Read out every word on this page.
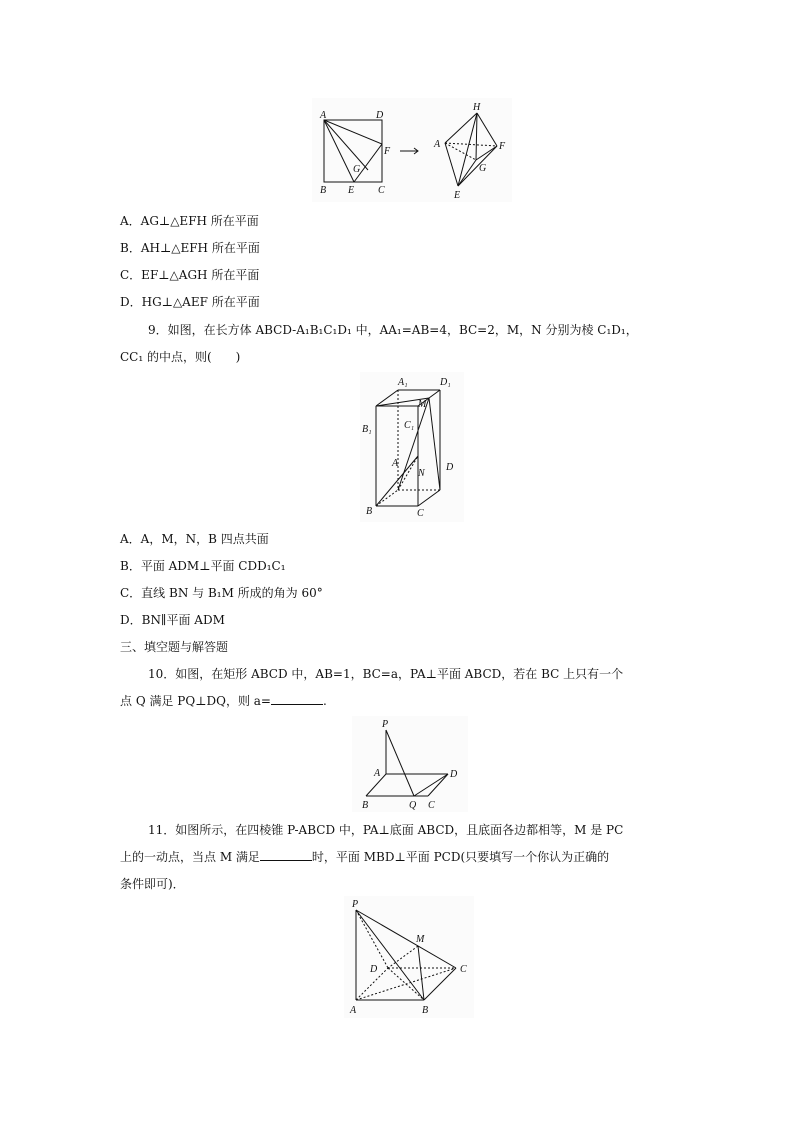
A	D
F
G
B E C
H
A	F
G
E
A．AG⊥△EFH 所在平面
B．AH⊥△EFH 所在平面
C．EF⊥△AGH 所在平面
D．HG⊥△AEF 所在平面
9．如图，在长方体 ABCD-A₁B₁C₁D₁ 中，AA₁=AB=4，BC=2，M，N 分别为棱 C₁D₁，
CC₁ 的中点，则(　　)
A₁	D₁
M
B₁	C₁
A	D
N
B	C
A．A，M，N，B 四点共面
B．平面 ADM⊥平面 CDD₁C₁
C．直线 BN 与 B₁M 所成的角为 60°
D．BN∥平面 ADM
三、填空题与解答题
10．如图，在矩形 ABCD 中，AB=1，BC=a，PA⊥平面 ABCD，若在 BC 上只有一个
点 Q 满足 PQ⊥DQ，则 a=	.
P
A	D
B	Q C
11．如图所示，在四棱锥 P-ABCD 中，PA⊥底面 ABCD，且底面各边都相等，M 是 PC
上的一动点，当点 M 满足	时，平面 MBD⊥平面 PCD(只要填写一个你认为正确的
条件即可)．
P
M
D	C
A	B
